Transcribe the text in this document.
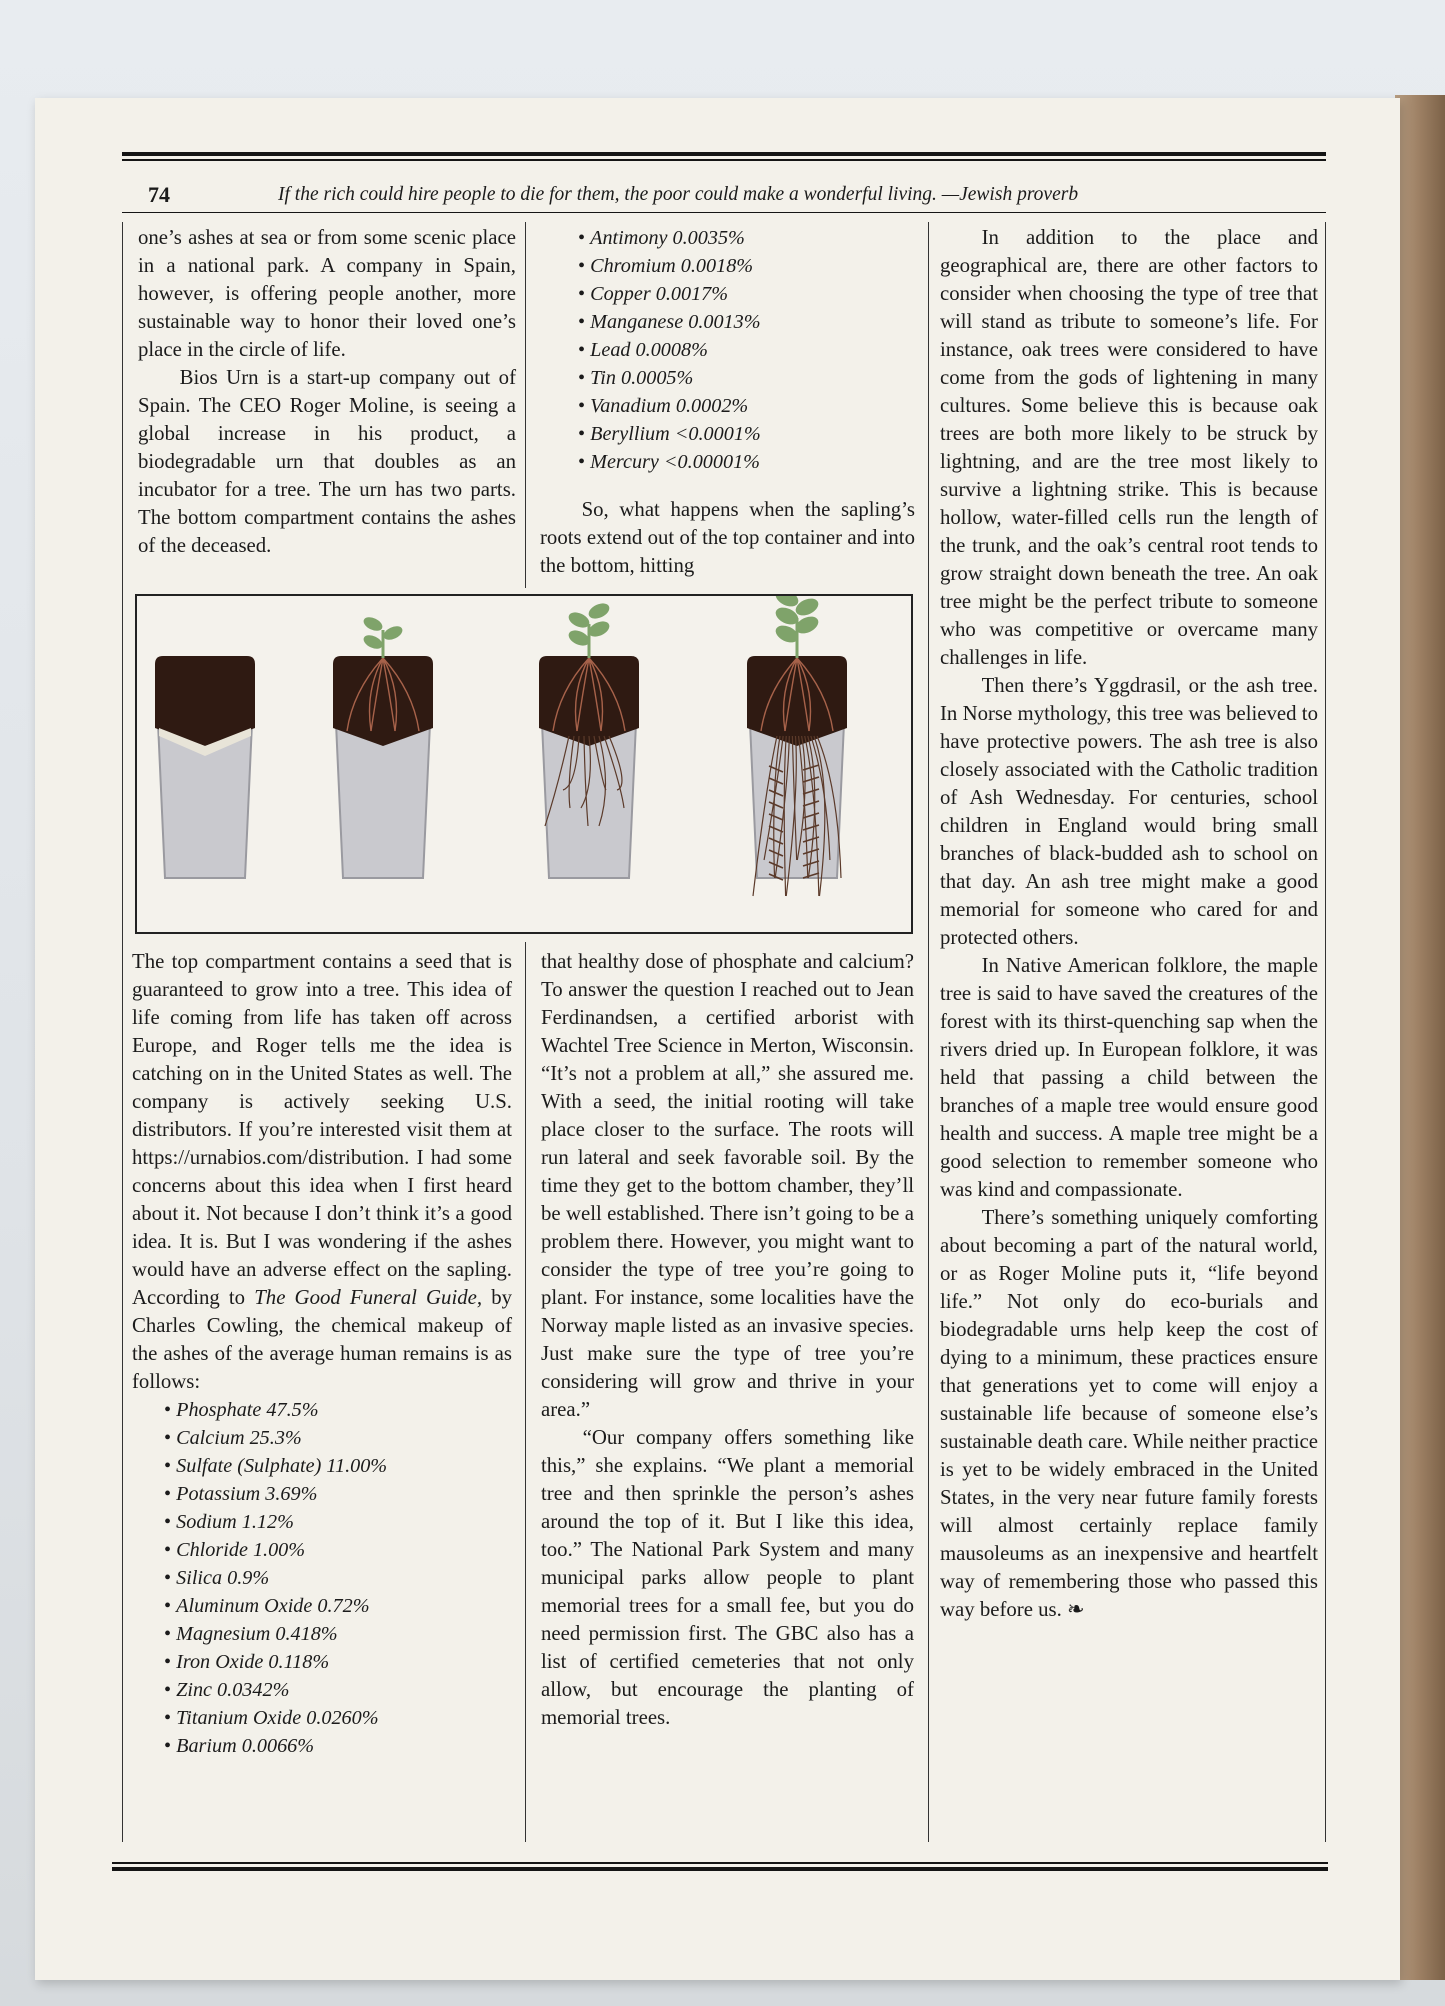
74	If the rich could hire people to die for them, the poor could make a wonderful living. —Jewish proverb

one’s ashes at sea or from some scenic place in a national park. A company in Spain, however, is offering people another, more sustainable way to honor their loved one’s place in the circle of life.

Bios Urn is a start-up company out of Spain. The CEO Roger Moline, is seeing a global increase in his product, a biodegradable urn that doubles as an incubator for a tree. The urn has two parts. The bottom compartment contains the ashes of the deceased.

• Antimony 0.0035%
• Chromium 0.0018%
• Copper 0.0017%
• Manganese 0.0013%
• Lead 0.0008%
• Tin 0.0005%
• Vanadium 0.0002%
• Beryllium <0.0001%
• Mercury <0.00001%

So, what happens when the sapling’s roots extend out of the top container and into the bottom, hitting

The top compartment contains a seed that is guaranteed to grow into a tree. This idea of life coming from life has taken off across Europe, and Roger tells me the idea is catching on in the United States as well. The company is actively seeking U.S. distributors. If you’re interested visit them at https://urnabios.com/distribution. I had some concerns about this idea when I first heard about it. Not because I don’t think it’s a good idea. It is. But I was wondering if the ashes would have an adverse effect on the sapling. According to The Good Funeral Guide, by Charles Cowling, the chemical makeup of the ashes of the average human remains is as follows:

• Phosphate 47.5%
• Calcium 25.3%
• Sulfate (Sulphate) 11.00%
• Potassium 3.69%
• Sodium 1.12%
• Chloride 1.00%
• Silica 0.9%
• Aluminum Oxide 0.72%
• Magnesium 0.418%
• Iron Oxide 0.118%
• Zinc 0.0342%
• Titanium Oxide 0.0260%
• Barium 0.0066%

that healthy dose of phosphate and calcium? To answer the question I reached out to Jean Ferdinandsen, a certified arborist with Wachtel Tree Science in Merton, Wisconsin. “It’s not a problem at all,” she assured me. With a seed, the initial rooting will take place closer to the surface. The roots will run lateral and seek favorable soil. By the time they get to the bottom chamber, they’ll be well established. There isn’t going to be a problem there. However, you might want to consider the type of tree you’re going to plant. For instance, some localities have the Norway maple listed as an invasive species. Just make sure the type of tree you’re considering will grow and thrive in your area.”

“Our company offers something like this,” she explains. “We plant a memorial tree and then sprinkle the person’s ashes around the top of it. But I like this idea, too.” The National Park System and many municipal parks allow people to plant memorial trees for a small fee, but you do need permission first. The GBC also has a list of certified cemeteries that not only allow, but encourage the planting of memorial trees.

In addition to the place and geographical are, there are other factors to consider when choosing the type of tree that will stand as tribute to someone’s life. For instance, oak trees were considered to have come from the gods of lightening in many cultures. Some believe this is because oak trees are both more likely to be struck by lightning, and are the tree most likely to survive a lightning strike. This is because hollow, water-filled cells run the length of the trunk, and the oak’s central root tends to grow straight down beneath the tree. An oak tree might be the perfect tribute to someone who was competitive or overcame many challenges in life.

Then there’s Yggdrasil, or the ash tree. In Norse mythology, this tree was believed to have protective powers. The ash tree is also closely associated with the Catholic tradition of Ash Wednesday. For centuries, school children in England would bring small branches of black-budded ash to school on that day. An ash tree might make a good memorial for someone who cared for and protected others.

In Native American folklore, the maple tree is said to have saved the creatures of the forest with its thirst-quenching sap when the rivers dried up. In European folklore, it was held that passing a child between the branches of a maple tree would ensure good health and success. A maple tree might be a good selection to remember someone who was kind and compassionate.

There’s something uniquely comforting about becoming a part of the natural world, or as Roger Moline puts it, “life beyond life.” Not only do eco-burials and biodegradable urns help keep the cost of dying to a minimum, these practices ensure that generations yet to come will enjoy a sustainable life because of someone else’s sustainable death care. While neither practice is yet to be widely embraced in the United States, in the very near future family forests will almost certainly replace family mausoleums as an inexpensive and heartfelt way of remembering those who passed this way before us. ❧
